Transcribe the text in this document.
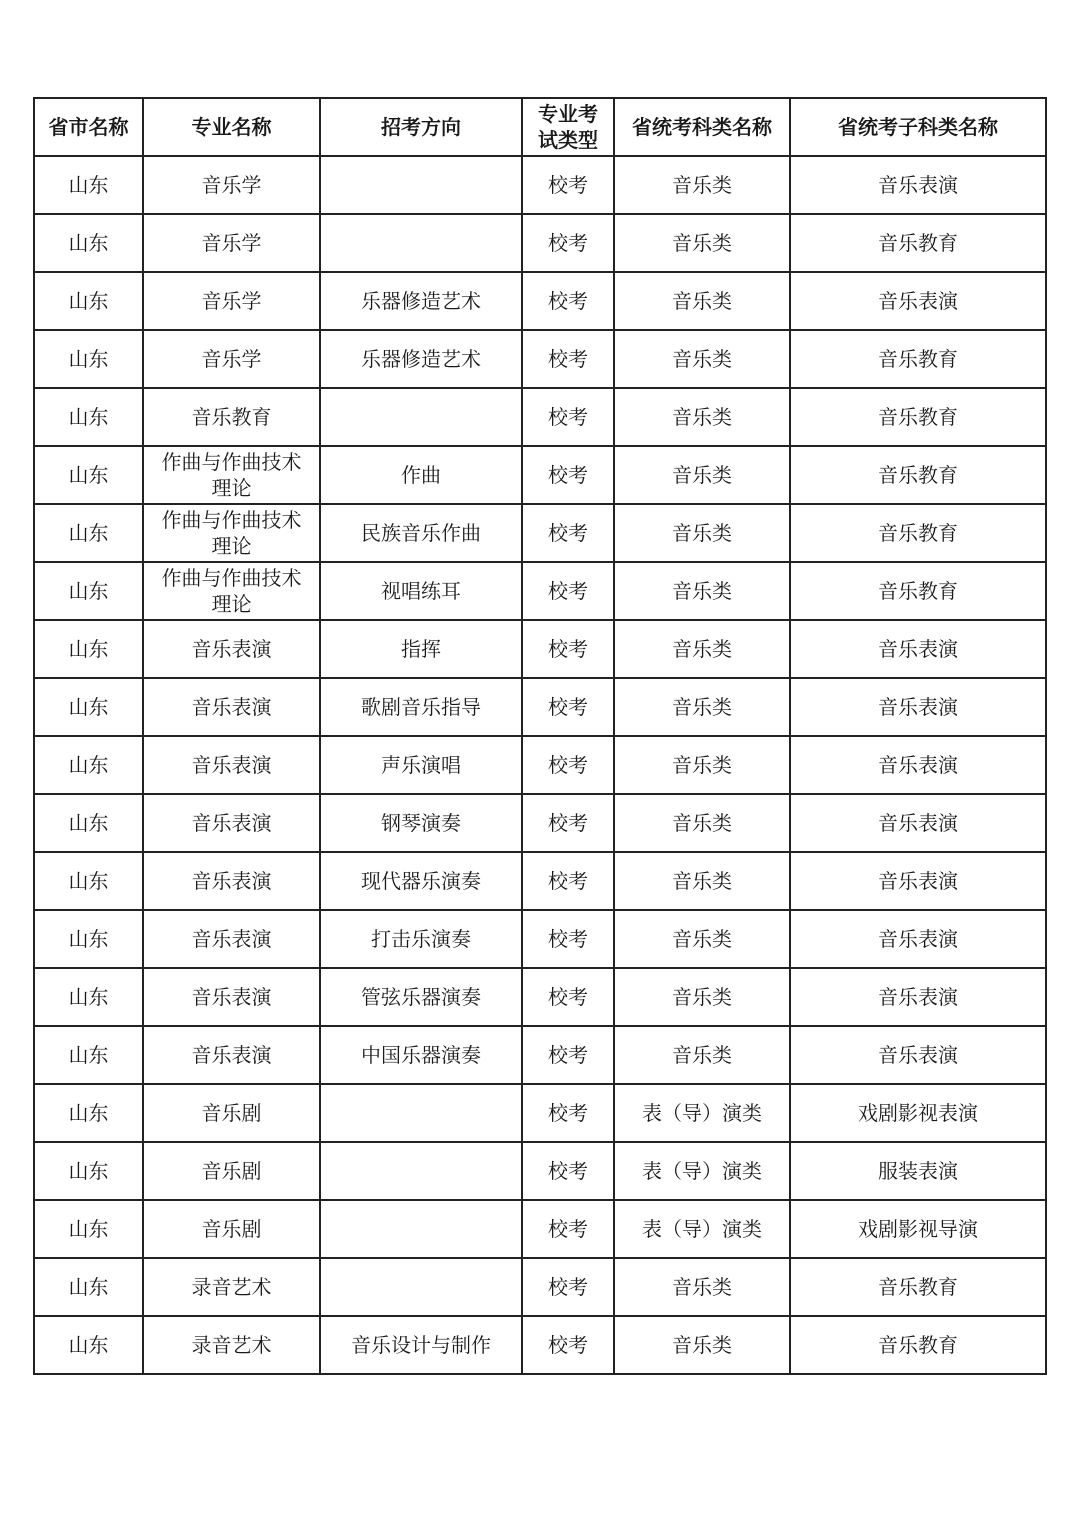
省市名称	专业名称	招考方向	专业考试类型	省统考科类名称	省统考子科类名称
山东	音乐学		校考	音乐类	音乐表演
山东	音乐学		校考	音乐类	音乐教育
山东	音乐学	乐器修造艺术	校考	音乐类	音乐表演
山东	音乐学	乐器修造艺术	校考	音乐类	音乐教育
山东	音乐教育		校考	音乐类	音乐教育
山东	作曲与作曲技术理论	作曲	校考	音乐类	音乐教育
山东	作曲与作曲技术理论	民族音乐作曲	校考	音乐类	音乐教育
山东	作曲与作曲技术理论	视唱练耳	校考	音乐类	音乐教育
山东	音乐表演	指挥	校考	音乐类	音乐表演
山东	音乐表演	歌剧音乐指导	校考	音乐类	音乐表演
山东	音乐表演	声乐演唱	校考	音乐类	音乐表演
山东	音乐表演	钢琴演奏	校考	音乐类	音乐表演
山东	音乐表演	现代器乐演奏	校考	音乐类	音乐表演
山东	音乐表演	打击乐演奏	校考	音乐类	音乐表演
山东	音乐表演	管弦乐器演奏	校考	音乐类	音乐表演
山东	音乐表演	中国乐器演奏	校考	音乐类	音乐表演
山东	音乐剧		校考	表（导）演类	戏剧影视表演
山东	音乐剧		校考	表（导）演类	服装表演
山东	音乐剧		校考	表（导）演类	戏剧影视导演
山东	录音艺术		校考	音乐类	音乐教育
山东	录音艺术	音乐设计与制作	校考	音乐类	音乐教育
